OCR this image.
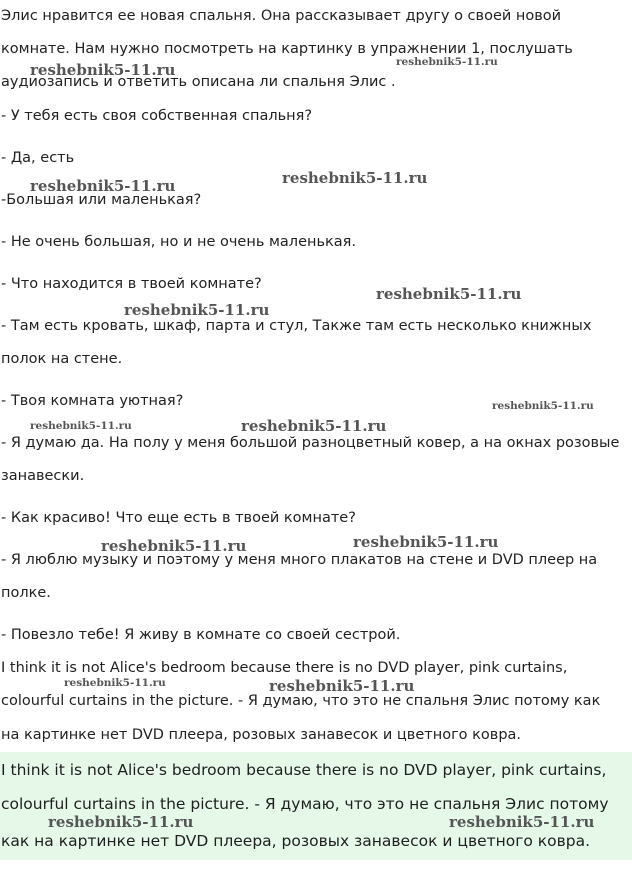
Элис нравится ее новая спальня. Она рассказывает другу о своей новой

комнате. Нам нужно посмотреть на картинку в упражнении 1, послушать

аудиозапись и ответить описана ли спальня Элис .

- У тебя есть своя собственная спальня?

- Да, есть

-Большая или маленькая?

- Не очень большая, но и не очень маленькая.

- Что находится в твоей комнате?

- Там есть кровать, шкаф, парта и стул, Также там есть несколько книжных

полок на стене.

- Твоя комната уютная?

- Я думаю да. На полу у меня большой разноцветный ковер, а на окнах розовые

занавески.

- Как красиво! Что еще есть в твоей комнате?

- Я люблю музыку и поэтому у меня много плакатов на стене и DVD плеер на

полке.

- Повезло тебе! Я живу в комнате со своей сестрой.

I think it is not Alice's bedroom because there is no DVD player, pink curtains,

colourful curtains in the picture. - Я думаю, что это не спальня Элис потому как

на картинке нет DVD плеера, розовых занавесок и цветного ковра.

I think it is not Alice's bedroom because there is no DVD player, pink curtains,

colourful curtains in the picture. - Я думаю, что это не спальня Элис потому

как на картинке нет DVD плеера, розовых занавесок и цветного ковра.

reshebnik5-11.ru	reshebnik5-11.ru
reshebnik5-11.ru	reshebnik5-11.ru
reshebnik5-11.ru
reshebnik5-11.ru
reshebnik5-11.ru	reshebnik5-11.ru
reshebnik5-11.ru
reshebnik5-11.ru	reshebnik5-11.ru
reshebnik5-11.ru	reshebnik5-11.ru
reshebnik5-11.ru	reshebnik5-11.ru
